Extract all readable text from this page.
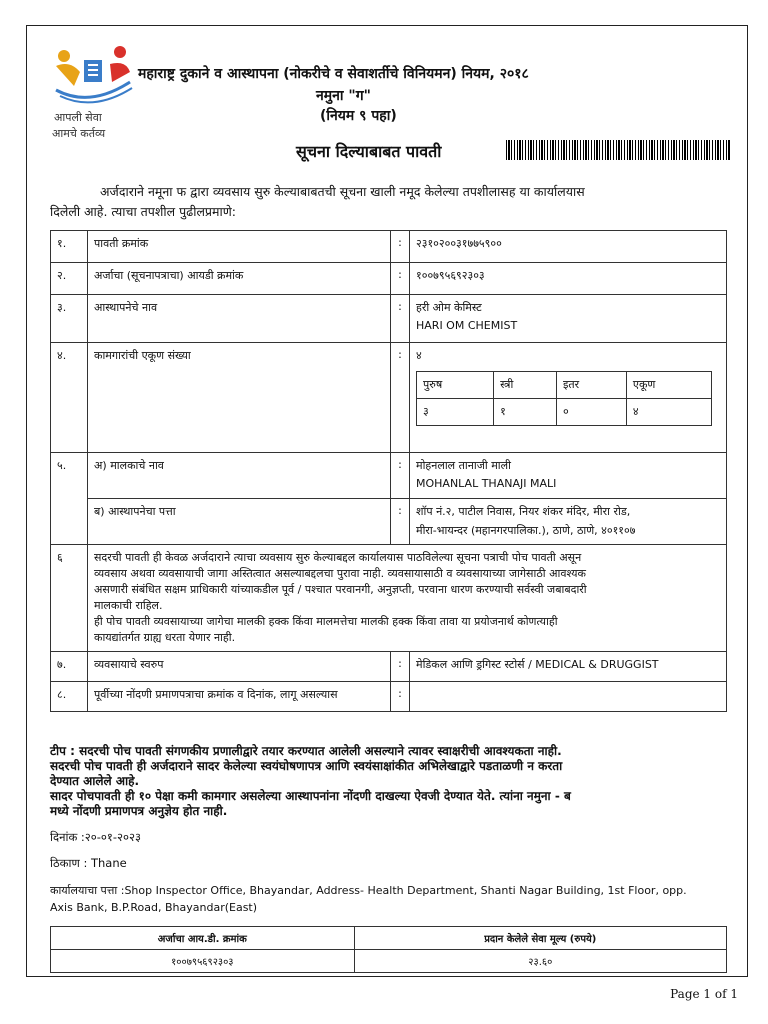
आपली सेवा
आमचे कर्तव्य
महाराष्ट्र दुकाने व आस्थापना (नोकरीचे व सेवाशर्तीचे विनियमन) नियम, २०१८
नमुना "ग"
(नियम ९ पहा)
सूचना दिल्याबाबत पावती
अर्जदाराने नमूना फ द्वारा व्यवसाय सुरु केल्याबाबतची सूचना खाली नमूद केलेल्या तपशीलासह या कार्यालयास
दिलेली आहे. त्याचा तपशील पुढीलप्रमाणे:
१.	पावती क्रमांक	:	२३१०२००३१७७५९००
२.	अर्जाचा (सूचनापत्राचा) आयडी क्रमांक	:	१००७९५६९२३०३
३.	आस्थापनेचे नाव	:	हरी ओम केमिस्ट
HARI OM CHEMIST

४.	कामगारांची एकूण संख्या	:	४
पुरुष	स्त्री	इतर	एकूण
३	१	०	४

५.	अ) मालकाचे नाव	:	मोहनलाल तानाजी माली
MOHANLAL THANAJI MALI

ब) आस्थापनेचा पत्ता	:	शॉप नं.२, पाटील निवास, नियर शंकर मंदिर, मीरा रोड,
मीरा-भायन्दर (महानगरपालिका.), ठाणे, ठाणे, ४०११०७

६	सदरची पावती ही केवळ अर्जदाराने त्याचा व्यवसाय सुरु केल्याबद्दल कार्यालयास पाठविलेल्या सूचना पत्राची पोच पावती असून
व्यवसाय अथवा व्यवसायाची जागा अस्तित्वात असल्याबद्दलचा पुरावा नाही. व्यवसायासाठी व व्यवसायाच्या जागेसाठी आवश्यक
असणारी संबंधित सक्षम प्राधिकारी यांच्याकडील पूर्व / पश्चात परवानगी, अनुज्ञप्ती, परवाना धारण करण्याची सर्वस्वी जबाबदारी
मालकाची राहिल.
ही पोच पावती व्यवसायाच्या जागेचा मालकी हक्क किंवा मालमत्तेचा मालकी हक्क किंवा तावा या प्रयोजनार्थ कोणत्याही
कायद्यांतर्गत ग्राह्य धरता येणार नाही.

७.	व्यवसायाचे स्वरुप	:	मेडिकल आणि ड्रगिस्ट स्टोर्स / MEDICAL & DRUGGIST
८.	पूर्वीच्या नोंदणी प्रमाणपत्राचा क्रमांक व दिनांक, लागू असल्यास	:	
टीप : सदरची पोच पावती संगणकीय प्रणालीद्वारे तयार करण्यात आलेली असल्याने त्यावर स्वाक्षरीची आवश्यकता नाही.
सदरची पोच पावती ही अर्जदाराने सादर केलेल्या स्वयंघोषणापत्र आणि स्वयंसाक्षांकीत अभिलेखाद्वारे पडताळणी न करता
देण्यात आलेले आहे.
सादर पोचपावती ही १० पेक्षा कमी कामगार असलेल्या आस्थापनांना नोंदणी दाखल्या ऐवजी देण्यात येते. त्यांना नमुना - ब
मध्ये नोंदणी प्रमाणपत्र अनुज्ञेय होत नाही.
दिनांक :२०-०१-२०२३
ठिकाण : Thane
कार्यालयाचा पत्ता :Shop Inspector Office, Bhayandar, Address- Health Department, Shanti Nagar Building, 1st Floor, opp.
Axis Bank, B.P.Road, Bhayandar(East)
अर्जाचा आय.डी. क्रमांक	प्रदान केलेले सेवा मूल्य (रुपये)
१००७९५६९२३०३	२३.६०
Page 1 of 1
